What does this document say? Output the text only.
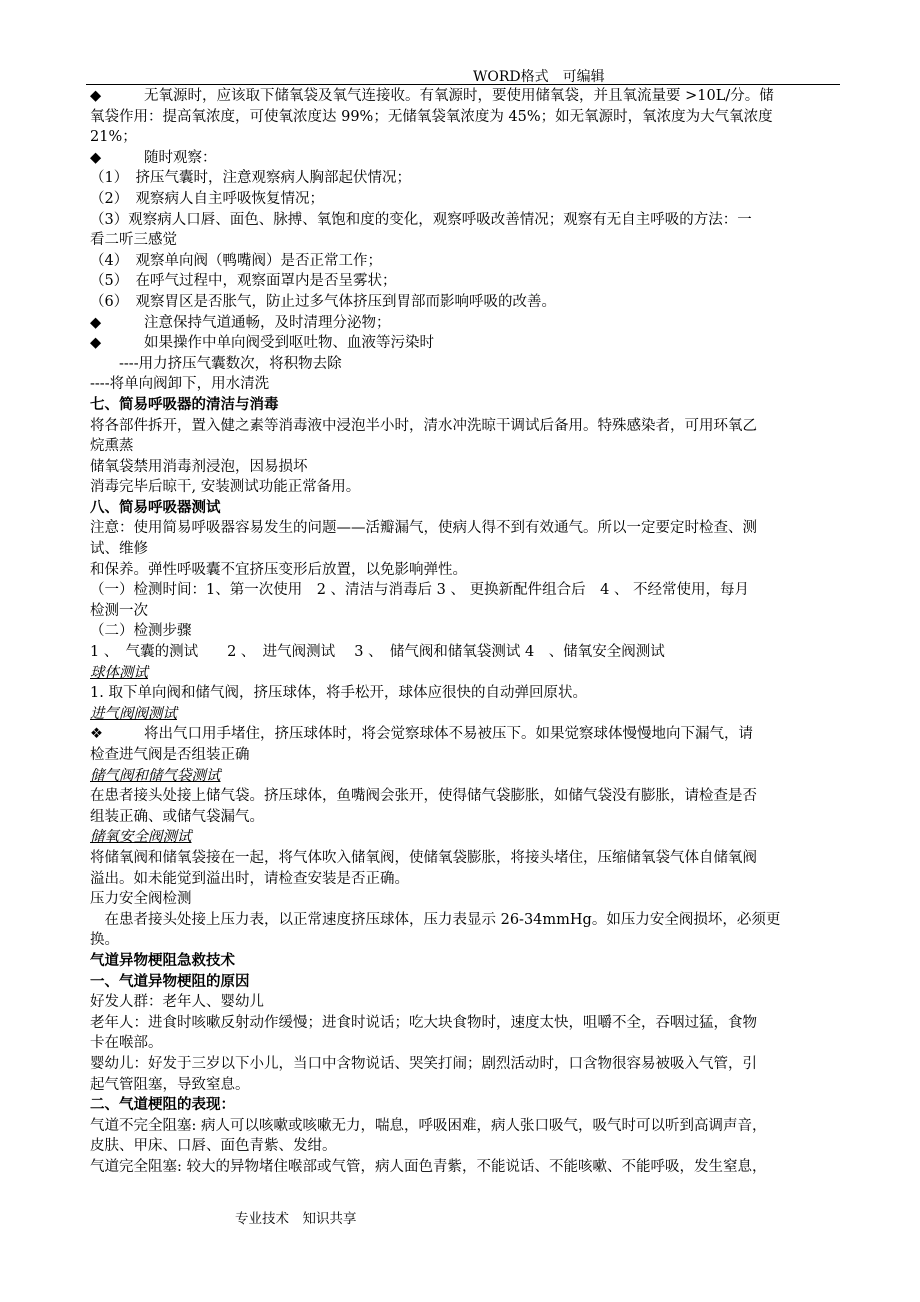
WORD格式　可编辑
◆	无氧源时，应该取下储氧袋及氧气连接收。有氧源时，要使用储氧袋，并且氧流量要 >10L/分。储
氧袋作用：提高氧浓度，可使氧浓度达 99%；无储氧袋氧浓度为 45%；如无氧源时，氧浓度为大气氧浓度
21%；
◆	随时观察：
（1）　挤压气囊时，注意观察病人胸部起伏情况；
（2）　观察病人自主呼吸恢复情况；
（3）观察病人口唇、面色、脉搏、氧饱和度的变化，观察呼吸改善情况；观察有无自主呼吸的方法：一
看二听三感觉
（4）　观察单向阀（鸭嘴阀）是否正常工作；
（5）　在呼气过程中，观察面罩内是否呈雾状；
（6）　观察胃区是否胀气，防止过多气体挤压到胃部而影响呼吸的改善。
◆	注意保持气道通畅，及时清理分泌物；
◆	如果操作中单向阀受到呕吐物、血液等污染时
　　----用力挤压气囊数次，将积物去除
----将单向阀卸下，用水清洗
七、简易呼吸器的清洁与消毒
将各部件拆开，置入健之素等消毒液中浸泡半小时，清水冲洗晾干调试后备用。特殊感染者，可用环氧乙
烷熏蒸
储氧袋禁用消毒剂浸泡，因易损坏
消毒完毕后晾干, 安装测试功能正常备用。
八、简易呼吸器测试
注意：使用简易呼吸器容易发生的问题——活瓣漏气，使病人得不到有效通气。所以一定要定时检查、测
试、维修
和保养。弹性呼吸囊不宜挤压变形后放置，以免影响弹性。
（一）检测时间：1、第一次使用　2 、清洁与消毒后 3 、 更换新配件组合后　4 、 不经常使用，每月
检测一次
（二）检测步骤
1 、　气囊的测试　　2 、　进气阀测试　 3 、　储气阀和储氧袋测试 4　、储氧安全阀测试
球体测试
1. 取下单向阀和储气阀，挤压球体，将手松开，球体应很快的自动弹回原状。
进气阀阀测试
❖	将出气口用手堵住，挤压球体时，将会觉察球体不易被压下。如果觉察球体慢慢地向下漏气，请
检查进气阀是否组装正确
储气阀和储气袋测试
在患者接头处接上储气袋。挤压球体，鱼嘴阀会张开，使得储气袋膨胀，如储气袋没有膨胀，请检查是否
组装正确、或储气袋漏气。
储氧安全阀测试
将储氧阀和储氧袋接在一起，将气体吹入储氧阀，使储氧袋膨胀，将接头堵住，压缩储氧袋气体自储氧阀
溢出。如未能觉到溢出时，请检查安装是否正确。
压力安全阀检测
　在患者接头处接上压力表，以正常速度挤压球体，压力表显示 26-34mmHg。如压力安全阀损坏，必须更
换。
气道异物梗阻急救技术
一、气道异物梗阻的原因
好发人群：老年人、婴幼儿
老年人：进食时咳嗽反射动作缓慢；进食时说话；吃大块食物时，速度太快，咀嚼不全，吞咽过猛，食物
卡在喉部。
婴幼儿：好发于三岁以下小儿，当口中含物说话、哭笑打闹；剧烈活动时，口含物很容易被吸入气管，引
起气管阻塞，导致窒息。
二、气道梗阻的表现：
气道不完全阻塞: 病人可以咳嗽或咳嗽无力，喘息，呼吸困难，病人张口吸气，吸气时可以听到高调声音，
皮肤、甲床、口唇、面色青紫、发绀。
气道完全阻塞: 较大的异物堵住喉部或气管，病人面色青紫，不能说话、不能咳嗽、不能呼吸，发生窒息，
专业技术　知识共享
